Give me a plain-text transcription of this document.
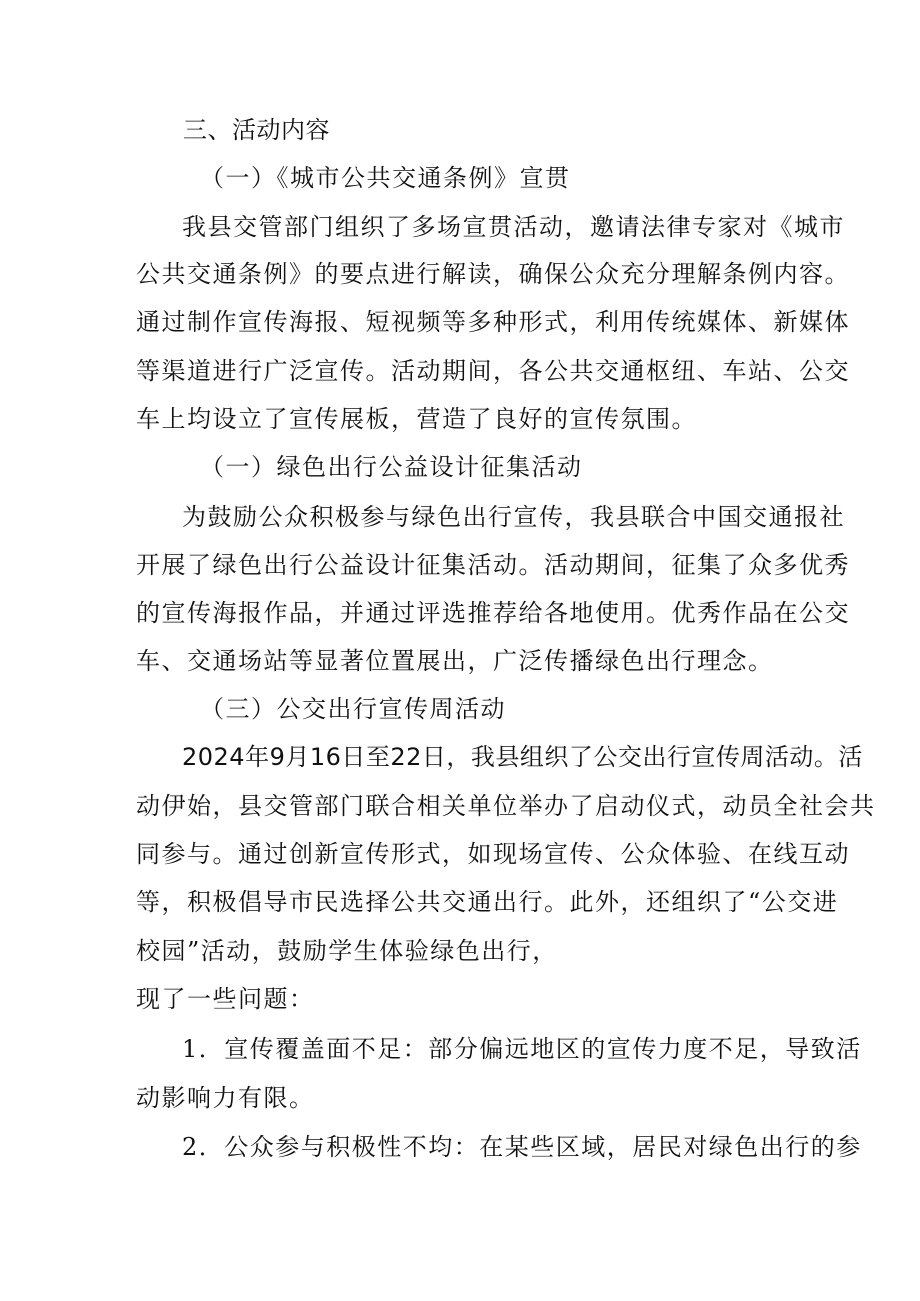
三、活动内容
（一）《城市公共交通条例》宣贯
我县交管部门组织了多场宣贯活动，邀请法律专家对《城市
公共交通条例》的要点进行解读，确保公众充分理解条例内容。
通过制作宣传海报、短视频等多种形式，利用传统媒体、新媒体
等渠道进行广泛宣传。活动期间，各公共交通枢纽、车站、公交
车上均设立了宣传展板，营造了良好的宣传氛围。
（一）绿色出行公益设计征集活动
为鼓励公众积极参与绿色出行宣传，我县联合中国交通报社
开展了绿色出行公益设计征集活动。活动期间，征集了众多优秀
的宣传海报作品，并通过评选推荐给各地使用。优秀作品在公交
车、交通场站等显著位置展出，广泛传播绿色出行理念。
（三）公交出行宣传周活动
2024年9月16日至22日，我县组织了公交出行宣传周活动。活
动伊始，县交管部门联合相关单位举办了启动仪式，动员全社会共
同参与。通过创新宣传形式，如现场宣传、公众体验、在线互动
等，积极倡导市民选择公共交通出行。此外，还组织了“公交进
校园”活动，鼓励学生体验绿色出行，
现了一些问题：
1．宣传覆盖面不足：部分偏远地区的宣传力度不足，导致活
动影响力有限。
2．公众参与积极性不均：在某些区域，居民对绿色出行的参
